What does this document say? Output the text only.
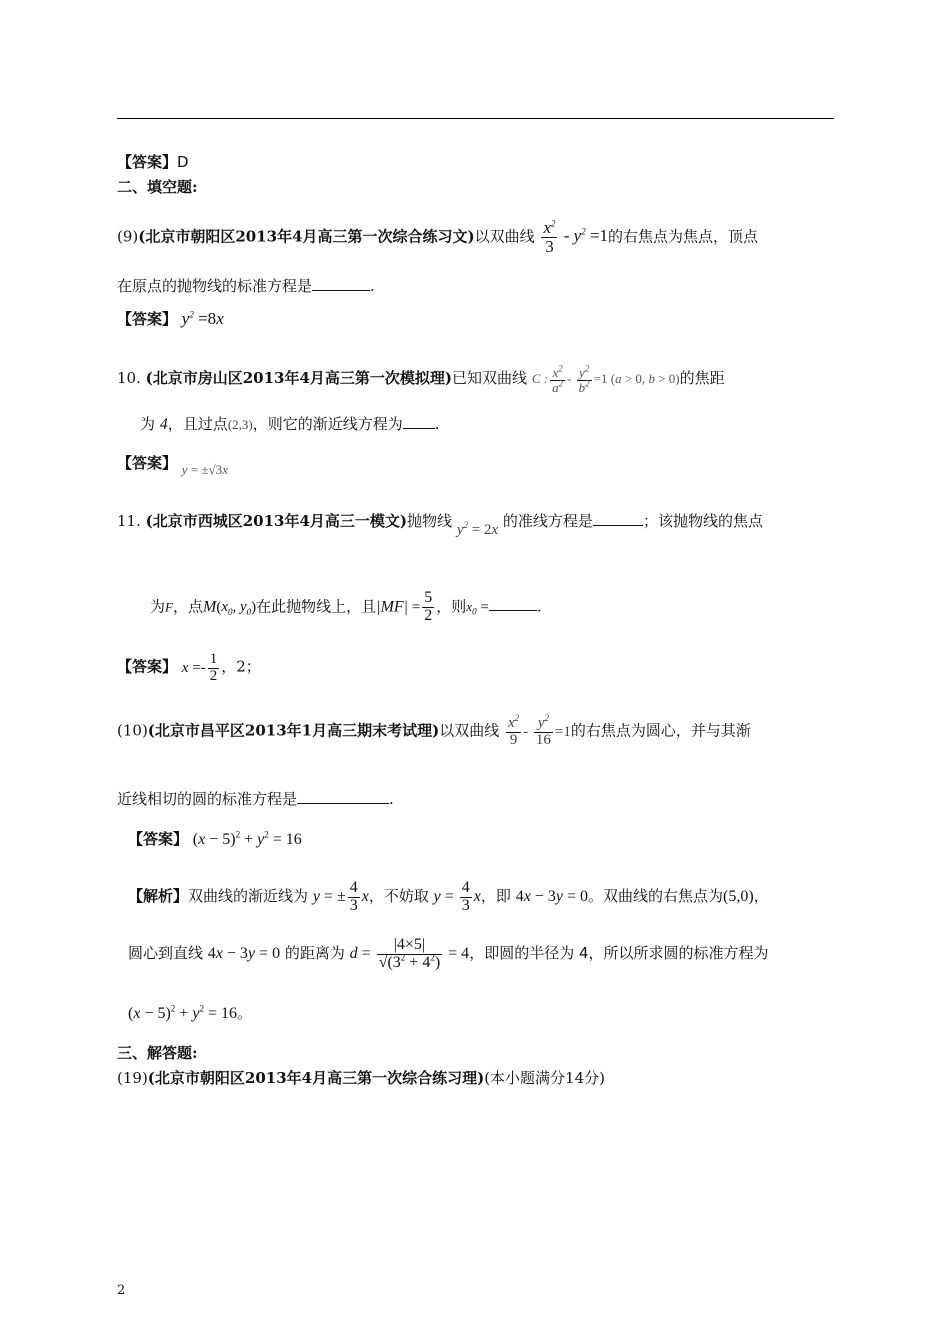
【答案】D
二、填空题:
(9)(北京市朝阳区2013年4月高三第一次综合练习文)以双曲线 $\frac{x^2}{3} - y^2 =1$的右焦点为焦点，顶点
在原点的抛物线的标准方程是	.
【答案】 $y^2 =8x$
10. (北京市房山区2013年4月高三第一次模拟理)已知双曲线 C : $\frac{x^2}{a^2} - \frac{y^2}{b^2} =1$ (a > 0, b > 0)的焦距
为 4，且过点(2,3)，则它的渐近线方程为 .
【答案】 y = ±√3x
11. (北京市西城区2013年4月高三一模文)抛物线 $y^2 = 2x$ 的准线方程是	；该抛物线的焦点
为F，点$M(x_0$, $y_0$)在此抛物线上，且$|MF| = \frac{5}{2}$ ，则$x_0$ =	.
【答案】 $x =- \frac{1}{2}$ ，2；
(10)(北京市昌平区2013年1月高三期末考试理)以双曲线 $\frac{x^2}{9} - \frac{y^2}{16} =1$的右焦点为圆心，并与其渐
近线相切的圆的标准方程是	.
【答案】 $(x - 5)^2 + y^2 = 16$
【解析】双曲线的渐近线为 y = ± $\frac{4}{3}$ x，不妨取 $y = \frac{4}{3}$ x，即 4x − 3y = 0。双曲线的右焦点为(5,0)，
圆心到直线 4x − 3y = 0 的距离为 $d = \frac{|4\times 5|}{√(3^2 + 4^2)} = 4$，即圆的半径为 4，所以所求圆的标准方程为
$(x - 5)^2 + y^2 = 16$。
三、解答题:
(19)(北京市朝阳区2013年4月高三第一次综合练习理)(本小题满分14分)
2
